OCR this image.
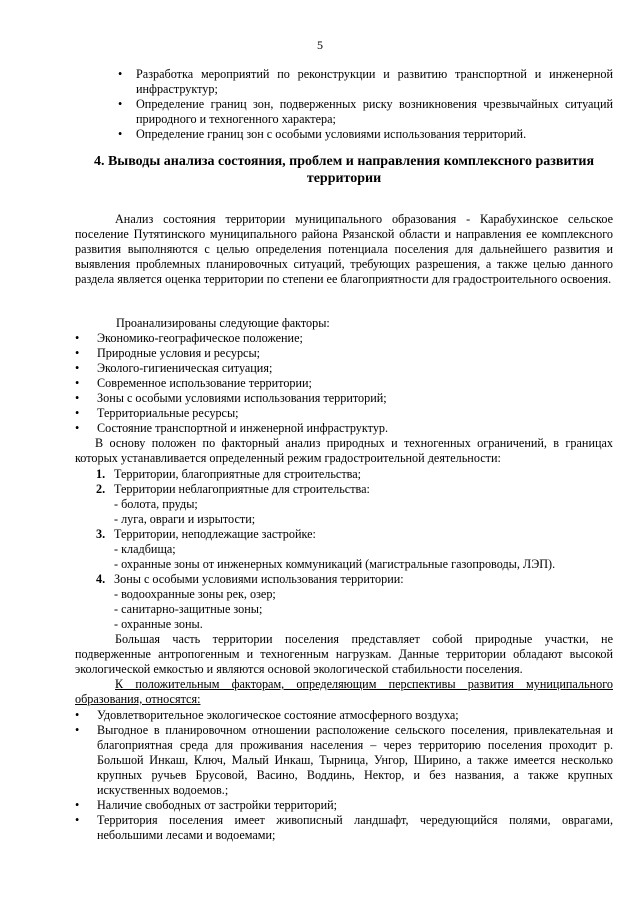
5
• Разработка мероприятий по реконструкции и развитию транспортной и инженерной инфраструктур;
• Определение границ зон, подверженных риску возникновения чрезвычайных ситуаций природного и техногенного характера;
• Определение границ зон с особыми условиями использования территорий.
4. Выводы анализа состояния, проблем и направления комплексного развития территории
Анализ состояния территории муниципального образования - Карабухинское сельское поселение Путятинского муниципального района Рязанской области и направления ее комплексного развития выполняются с целью определения потенциала поселения для дальнейшего развития и выявления проблемных планировочных ситуаций, требующих разрешения, а также целью данного раздела является оценка территории по степени ее благоприятности для градостроительного освоения.
Проанализированы следующие факторы:
• Экономико-географическое положение;
• Природные условия и ресурсы;
• Эколого-гигиеническая ситуация;
• Современное использование территории;
• Зоны с особыми условиями использования территорий;
• Территориальные ресурсы;
• Состояние транспортной и инженерной инфраструктур.
В основу положен по факторный анализ природных и техногенных ограничений, в границах которых устанавливается определенный режим градостроительной деятельности:
1. Территории, благоприятные для строительства;
2. Территории неблагоприятные для строительства:
- болота, пруды;
- луга, овраги и изрытости;
3. Территории, неподлежащие застройке:
- кладбища;
- охранные зоны от инженерных коммуникаций (магистральные газопроводы, ЛЭП).
4. Зоны с особыми условиями использования территории:
- водоохранные зоны рек, озер;
- санитарно-защитные зоны;
- охранные зоны.
Большая часть территории поселения представляет собой природные участки, не подверженные антропогенным и техногенным нагрузкам. Данные территории обладают высокой экологической емкостью и являются основой экологической стабильности поселения.
К положительным факторам, определяющим перспективы развития муниципального образования, относятся:
• Удовлетворительное экологическое состояние атмосферного воздуха;
• Выгодное в планировочном отношении расположение сельского поселения, привлекательная и благоприятная среда для проживания населения – через территорию поселения проходит р. Большой Инкаш, Ключ, Малый Инкаш, Тырница, Унгор, Ширино, а также имеется несколько крупных ручьев Брусовой, Васино, Воддинь, Нектор, и без названия, а также крупных искуственных водоемов.;
• Наличие свободных от застройки территорий;
• Территория поселения имеет живописный ландшафт, чередующийся полями, оврагами, небольшими лесами и водоемами;
